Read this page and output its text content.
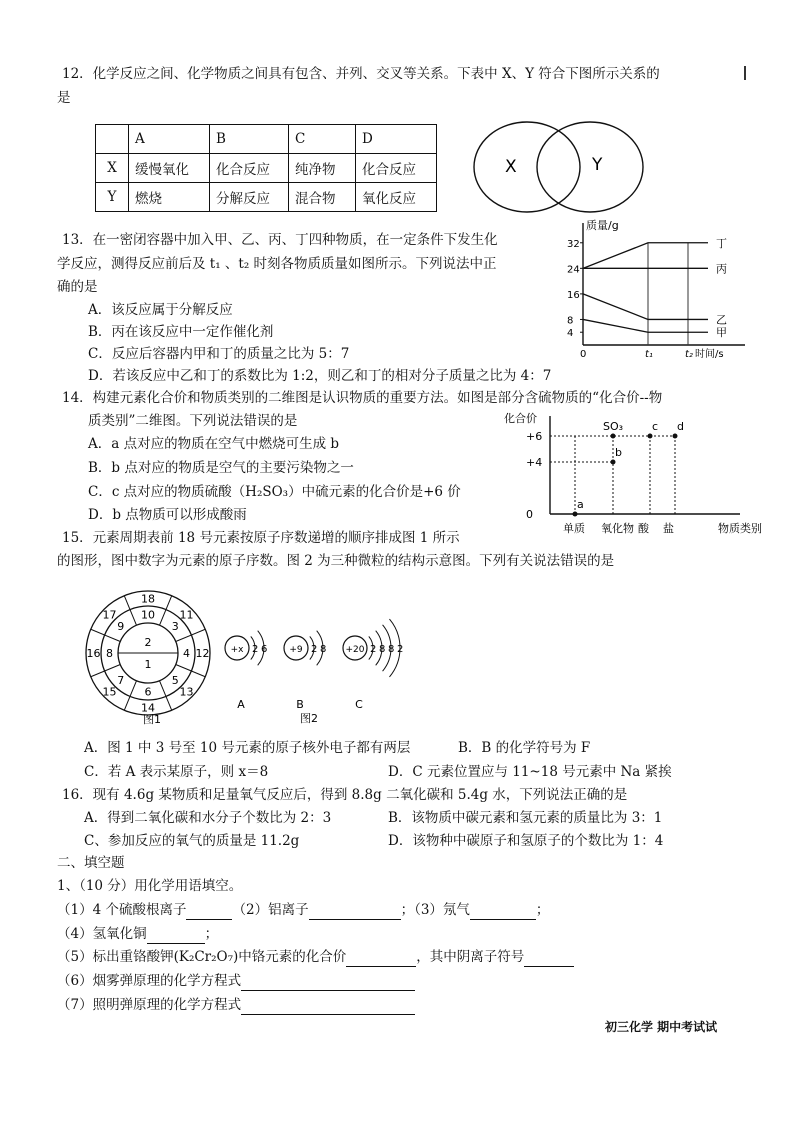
12．化学反应之间、化学物质之间具有包含、并列、交叉等关系。下表中 X、Y 符合下图所示关系的
是
	A	B	C	D
X	缓慢氧化	化合反应	纯净物	化合反应
Y	燃烧	分解反应	混合物	氧化反应
X	Y
13．在一密闭容器中加入甲、乙、丙、丁四种物质，在一定条件下发生化
学反应，测得反应前后及 t₁ 、t₂ 时刻各物质质量如图所示。下列说法中正
确的是
A．该反应属于分解反应
B．丙在该反应中一定作催化剂
C．反应后容器内甲和丁的质量之比为 5：7
D．若该反应中乙和丁的系数比为 1:2，则乙和丁的相对分子质量之比为 4：7
质量/g
时间/s
0	t₁	t₂
4
8
16
24
32	丁
丙
乙
甲
14．构建元素化合价和物质类别的二维图是认识物质的重要方法。如图是部分含硫物质的“化合价--物
质类别”二维图。下列说法错误的是
A．a 点对应的物质在空气中燃烧可生成 b
B．b 点对应的物质是空气的主要污染物之一
C．c 点对应的物质硫酸（H₂SO₃）中硫元素的化合价是+6 价
D．b 点物质可以形成酸雨
化合价
物质类别
0
+4
+6
单质 氧化物 酸 盐
a
b
SO₃	c d
15．元素周期表前 18 号元素按原子序数递增的顺序排成图 1 所示
的图形，图中数字为元素的原子序数。图 2 为三种微粒的结构示意图。下列有关说法错误的是
18
11
12
13
14
15
16
17 10
3
4
5
6
7
8
9
2
1
图1
+x 2 6
A
+9 2 8
B
+20 2 8 8 2
C
图2
A．图 1 中 3 号至 10 号元素的原子核外电子都有两层	B．B 的化学符号为 F
C．若 A 表示某原子，则 x＝8	D．C 元素位置应与 11~18 号元素中 Na 紧挨
16．现有 4.6g 某物质和足量氧气反应后，得到 8.8g 二氧化碳和 5.4g 水，下列说法正确的是
A．得到二氧化碳和水分子个数比为 2：3	B．该物质中碳元素和氢元素的质量比为 3：1
C、参加反应的氧气的质量是 11.2g	D．该物种中碳原子和氢原子的个数比为 1：4
二、填空题
1、（10 分）用化学用语填空。
（1）4 个硫酸根离子	（2）铝离子	；（3）氖气	；
（4）氢氧化铜	；
（5）标出重铬酸钾(K₂Cr₂O₇)中铬元素的化合价	，其中阴离子符号
（6）烟雾弹原理的化学方程式
（7）照明弹原理的化学方程式
初三化学 期中考试试
